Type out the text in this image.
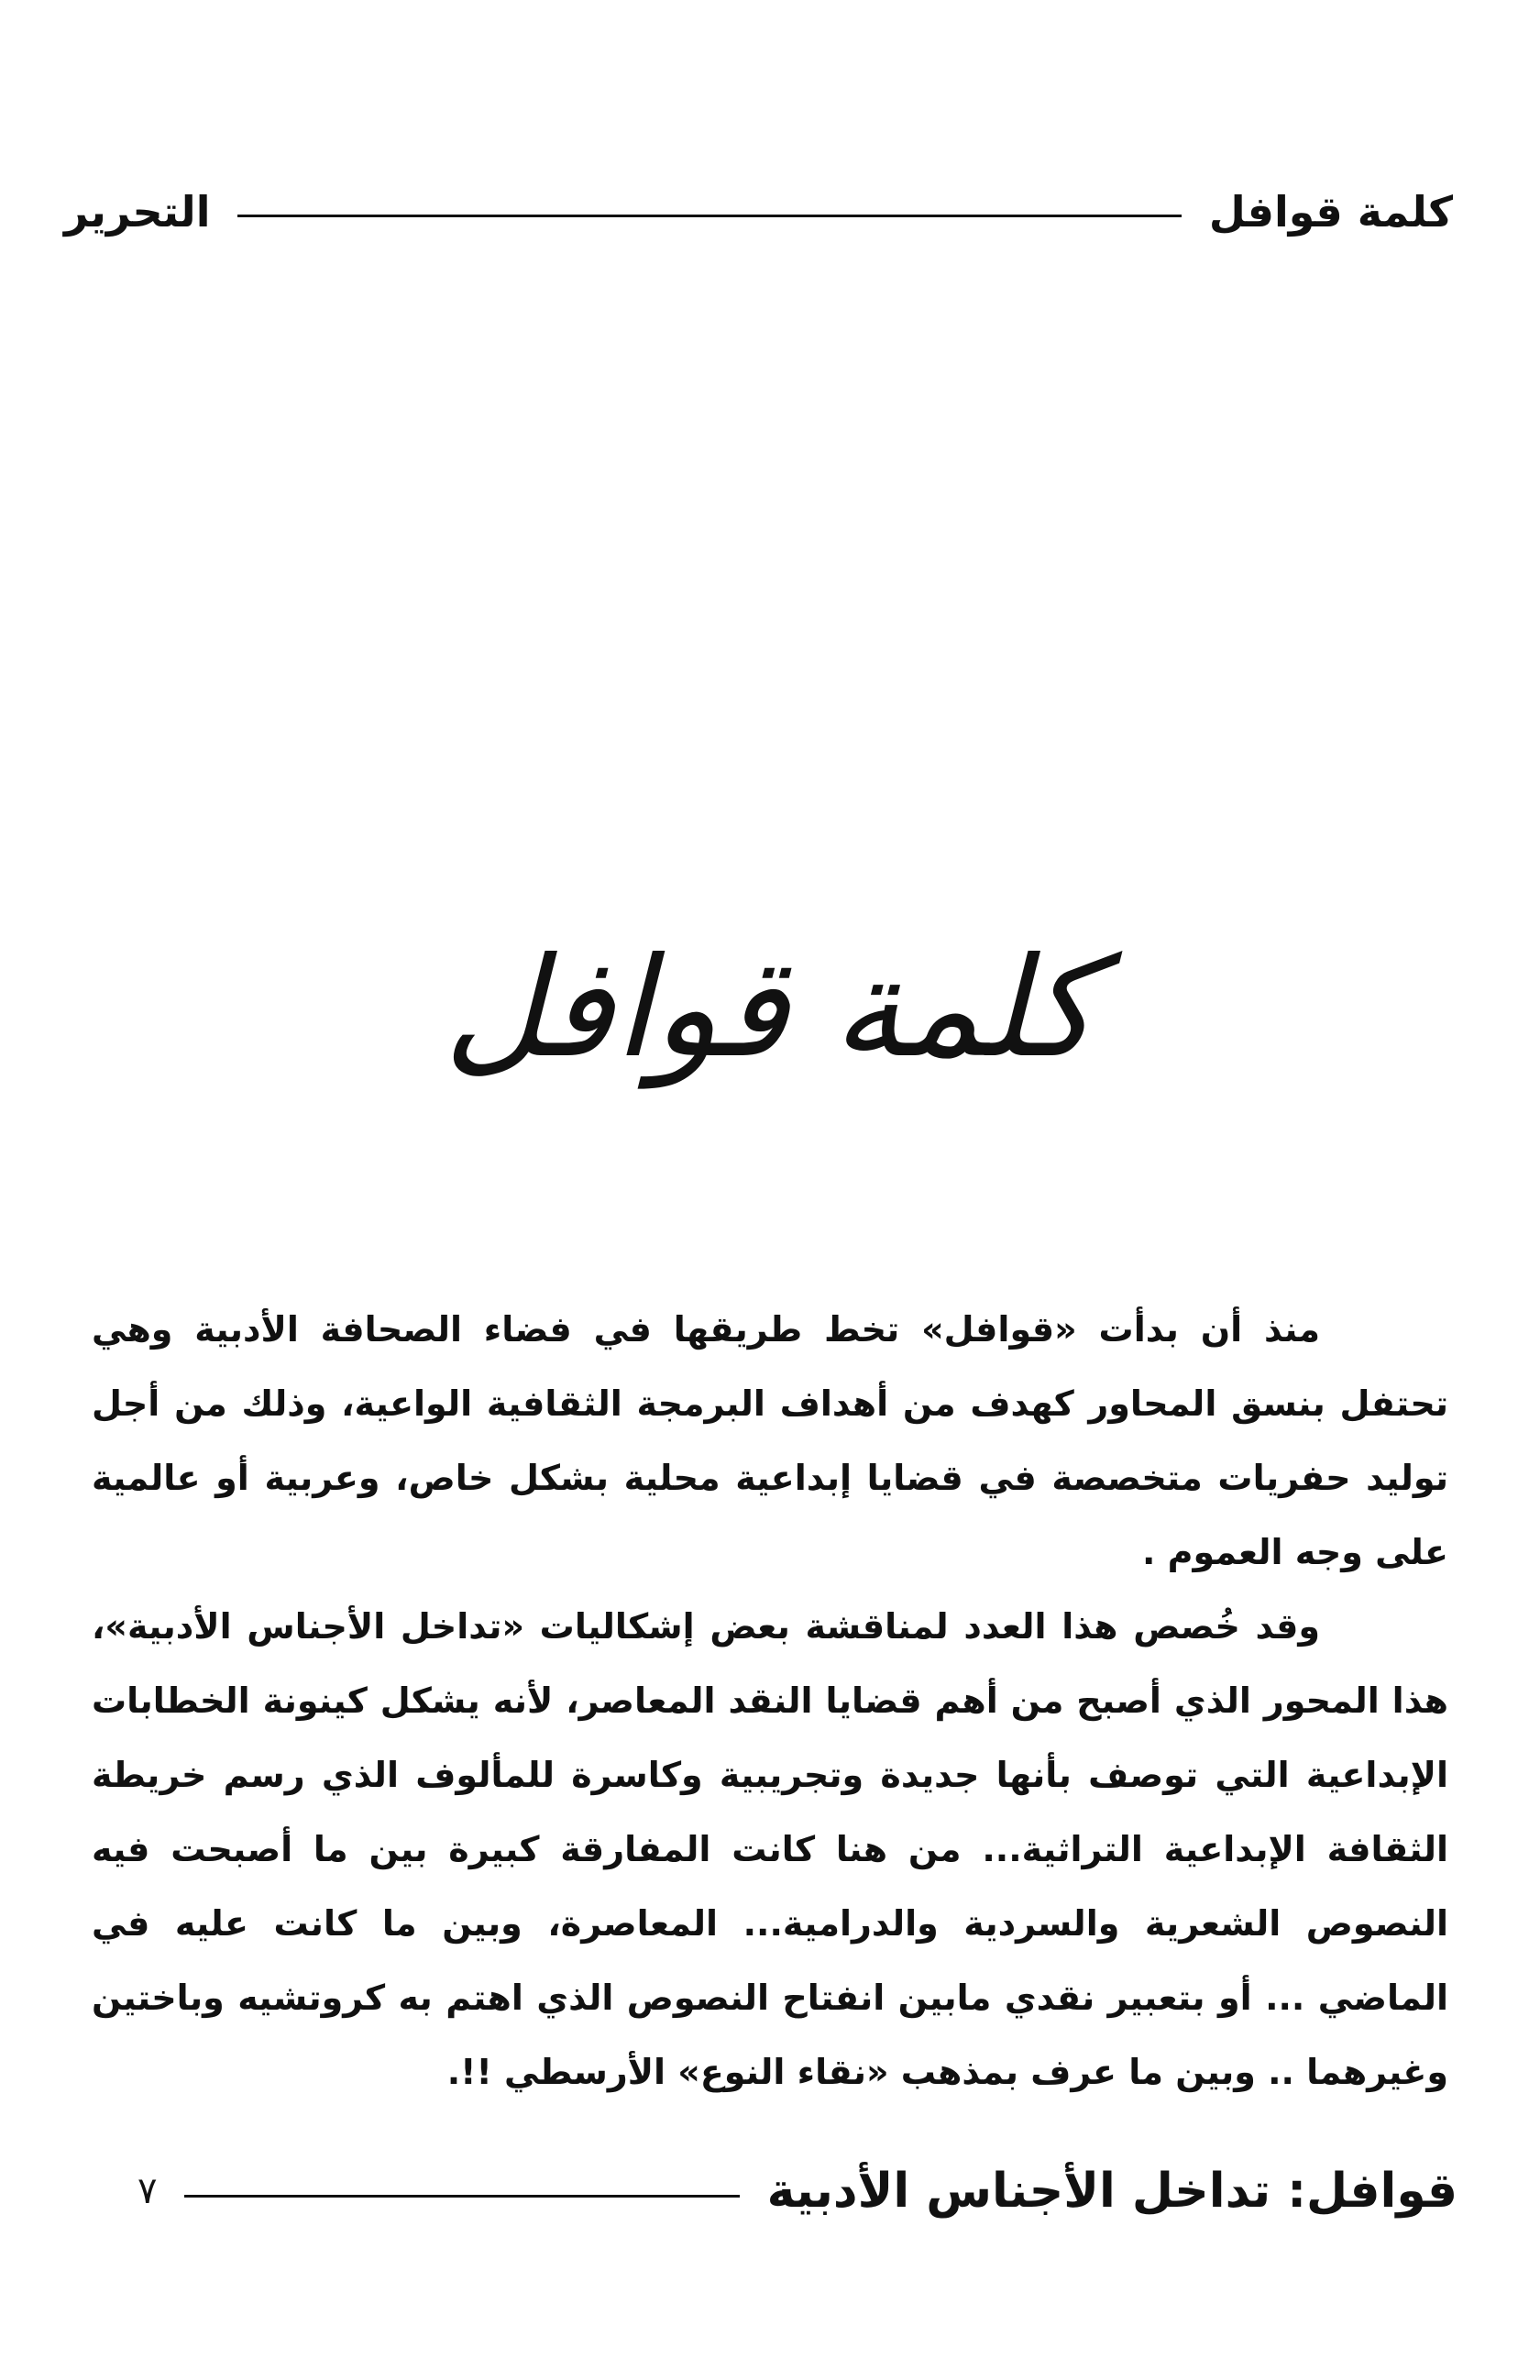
كلمة قوافل
التحرير
كلمة قوافل

منذ أن بدأت «قوافل» تخط طريقها في فضاء الصحافة الأدبية وهي تحتفل بنسق المحاور كهدف من أهداف البرمجة الثقافية الواعية، وذلك من أجل توليد حفريات متخصصة في قضايا إبداعية محلية بشكل خاص، وعربية أو عالمية على وجه العموم .

وقد خُصص هذا العدد لمناقشة بعض إشكاليات «تداخل الأجناس الأدبية»، هذا المحور الذي أصبح من أهم قضايا النقد المعاصر، لأنه يشكل كينونة الخطابات الإبداعية التي توصف بأنها جديدة وتجريبية وكاسرة للمألوف الذي رسم خريطة الثقافة الإبداعية التراثية... من هنا كانت المفارقة كبيرة بين ما أصبحت فيه النصوص الشعرية والسردية والدرامية... المعاصرة، وبين ما كانت عليه في الماضي ... أو بتعبير نقدي مابين انفتاح النصوص الذي اهتم به كروتشيه وباختين وغيرهما .. وبين ما عرف بمذهب «نقاء النوع» الأرسطي !!.

قوافل: تداخل الأجناس الأدبية
٧
